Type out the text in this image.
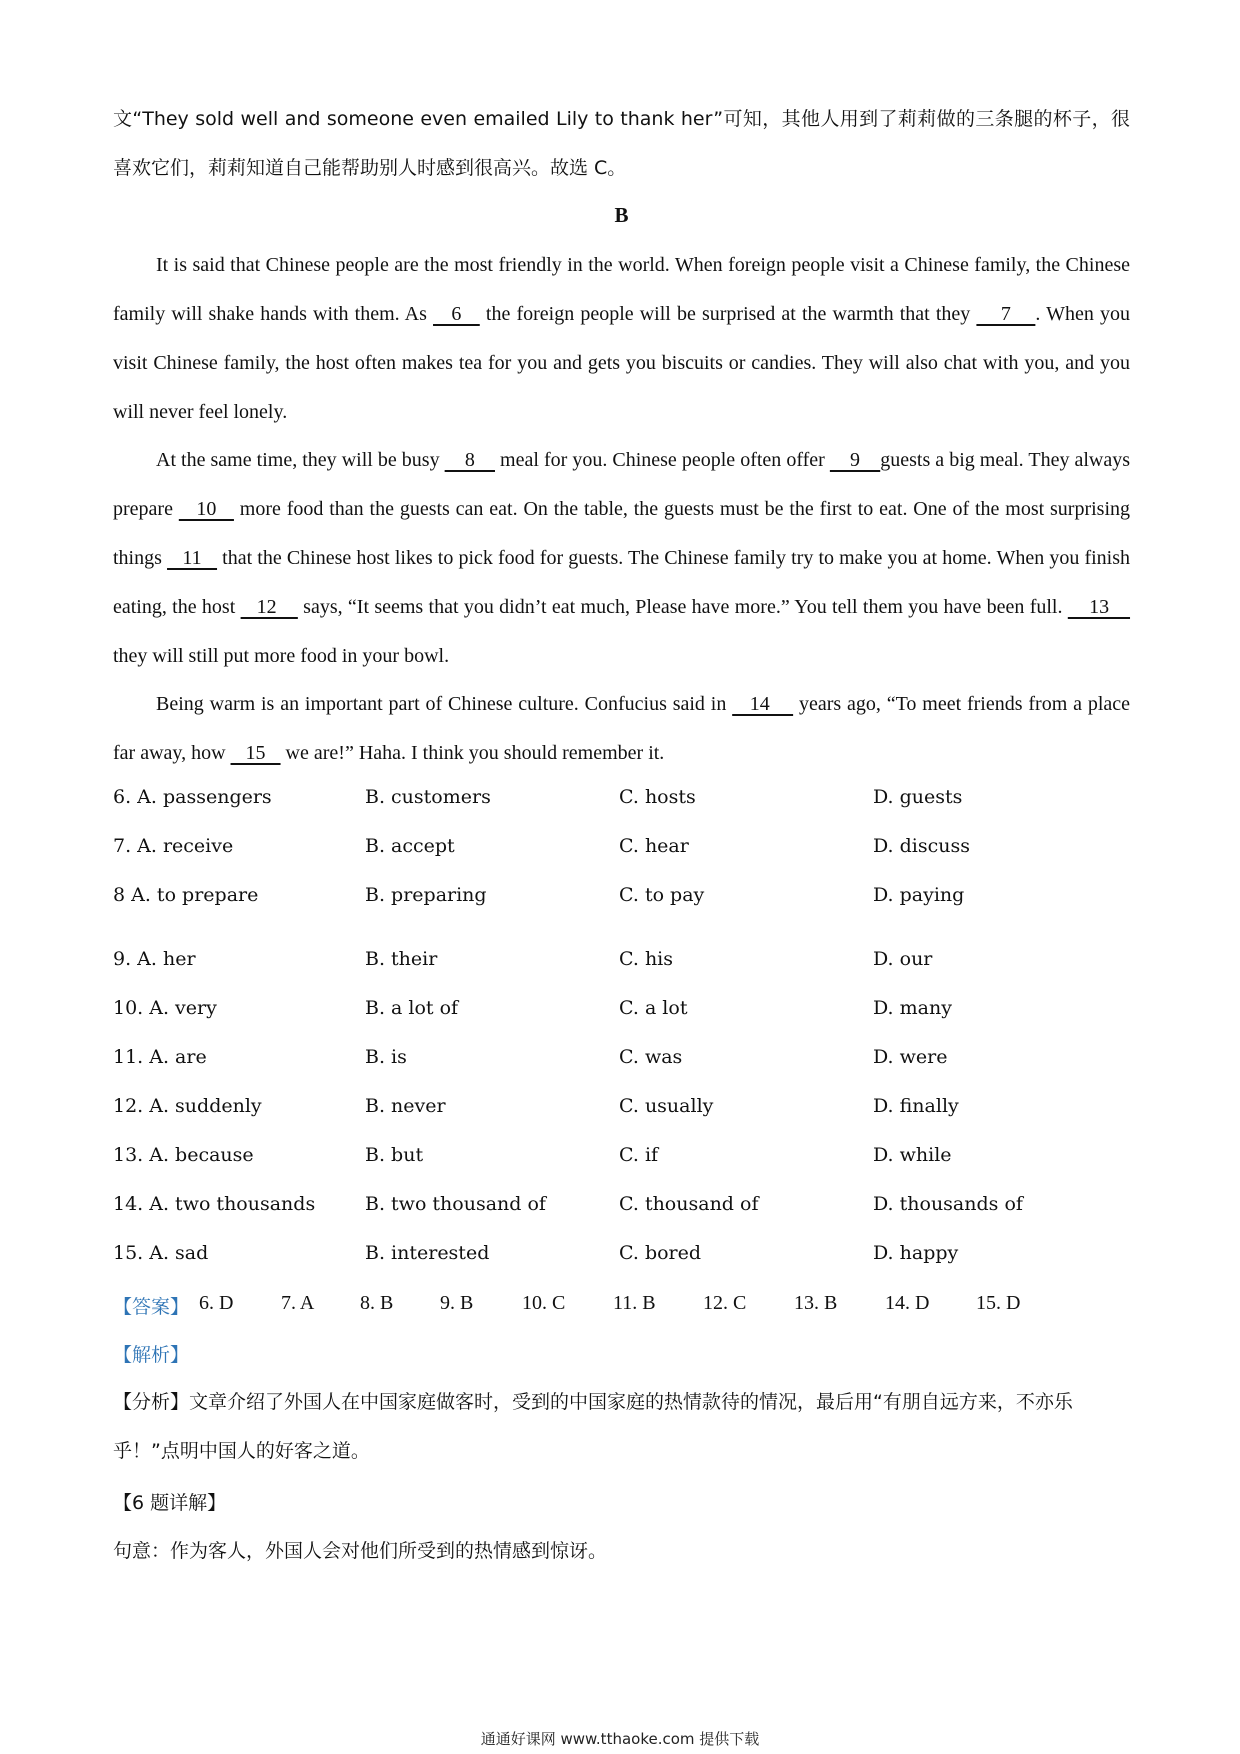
文“They sold well and someone even emailed Lily to thank her”可知，其他人用到了莉莉做的三条腿的杯子，很喜欢它们，莉莉知道自己能帮助别人时感到很高兴。故选 C。

B

It is said that Chinese people are the most friendly in the world. When foreign people visit a Chinese family, the Chinese family will shake hands with them. As    6    the foreign people will be surprised at the warmth that they     7    . When you visit Chinese family, the host often makes tea for you and gets you biscuits or candies. They will also chat with you, and you will never feel lonely.

At the same time, they will be busy     8     meal for you. Chinese people often offer     9    guests a big meal. They always prepare    10    more food than the guests can eat. On the table, the guests must be the first to eat. One of the most surprising things    11    that the Chinese host likes to pick food for guests. The Chinese family try to make you at home. When you finish eating, the host    12     says, “It seems that you didn’t eat much, Please have more.” You tell them you have been full.     13     they will still put more food in your bowl.

Being warm is an important part of Chinese culture. Confucius said in    14     years ago, “To meet friends from a place far away, how    15    we are!” Haha. I think you should remember it.

6. A. passengers	B. customers	C. hosts	D. guests
7. A. receive	B. accept	C. hear	D. discuss
8 A. to prepare	B. preparing	C. to pay	D. paying
9. A. her	B. their	C. his	D. our
10. A. very	B. a lot of	C. a lot	D. many
11. A. are	B. is	C. was	D. were
12. A. suddenly	B. never	C. usually	D. finally
13. A. because	B. but	C. if	D. while
14. A. two thousands	B. two thousand of	C. thousand of	D. thousands of
15. A. sad	B. interested	C. bored	D. happy
【答案】 6. D 7. A 8. B 9. B 10. C 11. B 12. C 13. B 14. D 15. D
【解析】

【分析】文章介绍了外国人在中国家庭做客时，受到的中国家庭的热情款待的情况，最后用“有朋自远方来，不亦乐乎！”点明中国人的好客之道。

【6 题详解】
句意：作为客人，外国人会对他们所受到的热情感到惊讶。
通通好课网 www.tthaoke.com 提供下载
